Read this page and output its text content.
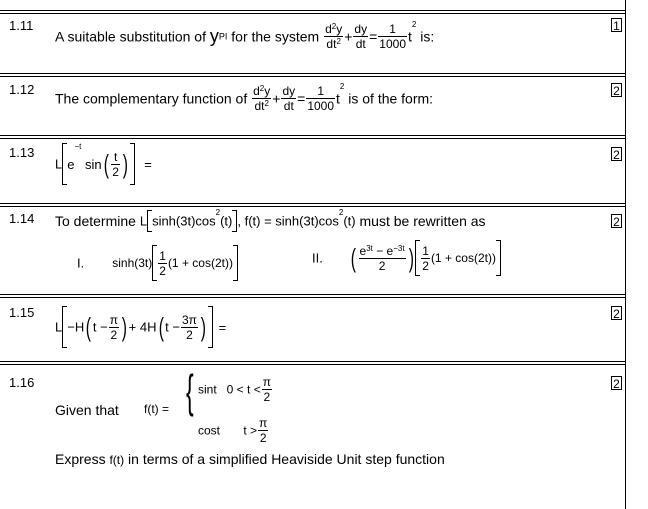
1.11	1
A suitable substitution of yPI for the system $\frac{d^2y}{dt^2} + \frac{dy}{dt} = \frac{1}{1000} t^2$ is:
1.12	2
The complementary function of $\frac{d^2y}{dt^2} + \frac{dy}{dt} = \frac{1}{1000} t^2$ is of the form:
1.13	2
L $e^{-t}$ $\sin( \frac{t}{2}$ ) =
1.14	2
To determine L $\sinh(3t)\cos^2(t)$ , $f(t) = \sinh(3t)\cos^2(t)$ must be rewritten as
I. $\sinh(3t) \frac{1}{2} (1 + \cos(2t))$	II. ( $\frac{e^{3t} - e^{-3t}}{2}$ ) $\frac{1}{2} (1 + \cos(2t))$
1.15	2
L −H( $t - \frac{\pi}{2}$ ) + 4H( $t - \frac{3\pi}{2}$ ) =
1.16	2
Given that f(t) = { sint   $0 < t < \frac{\pi}{2}$
cost       $t > \frac{\pi}{2}$
Express f(t) in terms of a simplified Heaviside Unit step function
